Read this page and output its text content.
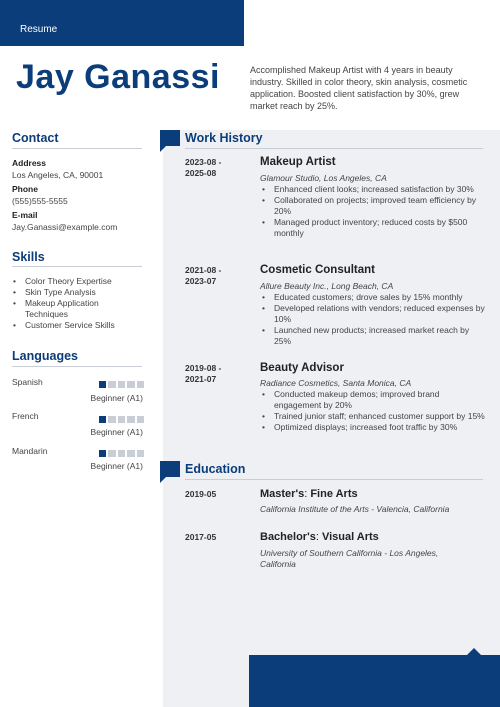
Resume
Jay Ganassi	Accomplished Makeup Artist with 4 years in beauty industry. Skilled in color theory, skin analysis, cosmetic application. Boosted client satisfaction by 30%, grew market reach by 25%.
Contact
Address
Los Angeles, CA, 90001
Phone
(555)555-5555
E-mail
Jay.Ganassi@example.com
Skills
• Color Theory Expertise
• Skin Type Analysis
• Makeup Application Techniques
• Customer Service Skills
Languages
Spanish
Beginner (A1)
French
Beginner (A1)
Mandarin
Beginner (A1)
Work History
2023-08 -
2025-08
Makeup Artist
Glamour Studio, Los Angeles, CA
• Enhanced client looks; increased satisfaction by 30%
• Collaborated on projects; improved team efficiency by 20%
• Managed product inventory; reduced costs by $500 monthly
2021-08 -
2023-07
Cosmetic Consultant
Allure Beauty Inc., Long Beach, CA
• Educated customers; drove sales by 15% monthly
• Developed relations with vendors; reduced expenses by 10%
• Launched new products; increased market reach by 25%
2019-08 -
2021-07
Beauty Advisor
Radiance Cosmetics, Santa Monica, CA
• Conducted makeup demos; improved brand engagement by 20%
• Trained junior staff; enhanced customer support by 15%
• Optimized displays; increased foot traffic by 30%
Education
2019-05	Master's: Fine Arts
California Institute of the Arts - Valencia, California
2017-05	Bachelor's: Visual Arts
University of Southern California - Los Angeles, California
